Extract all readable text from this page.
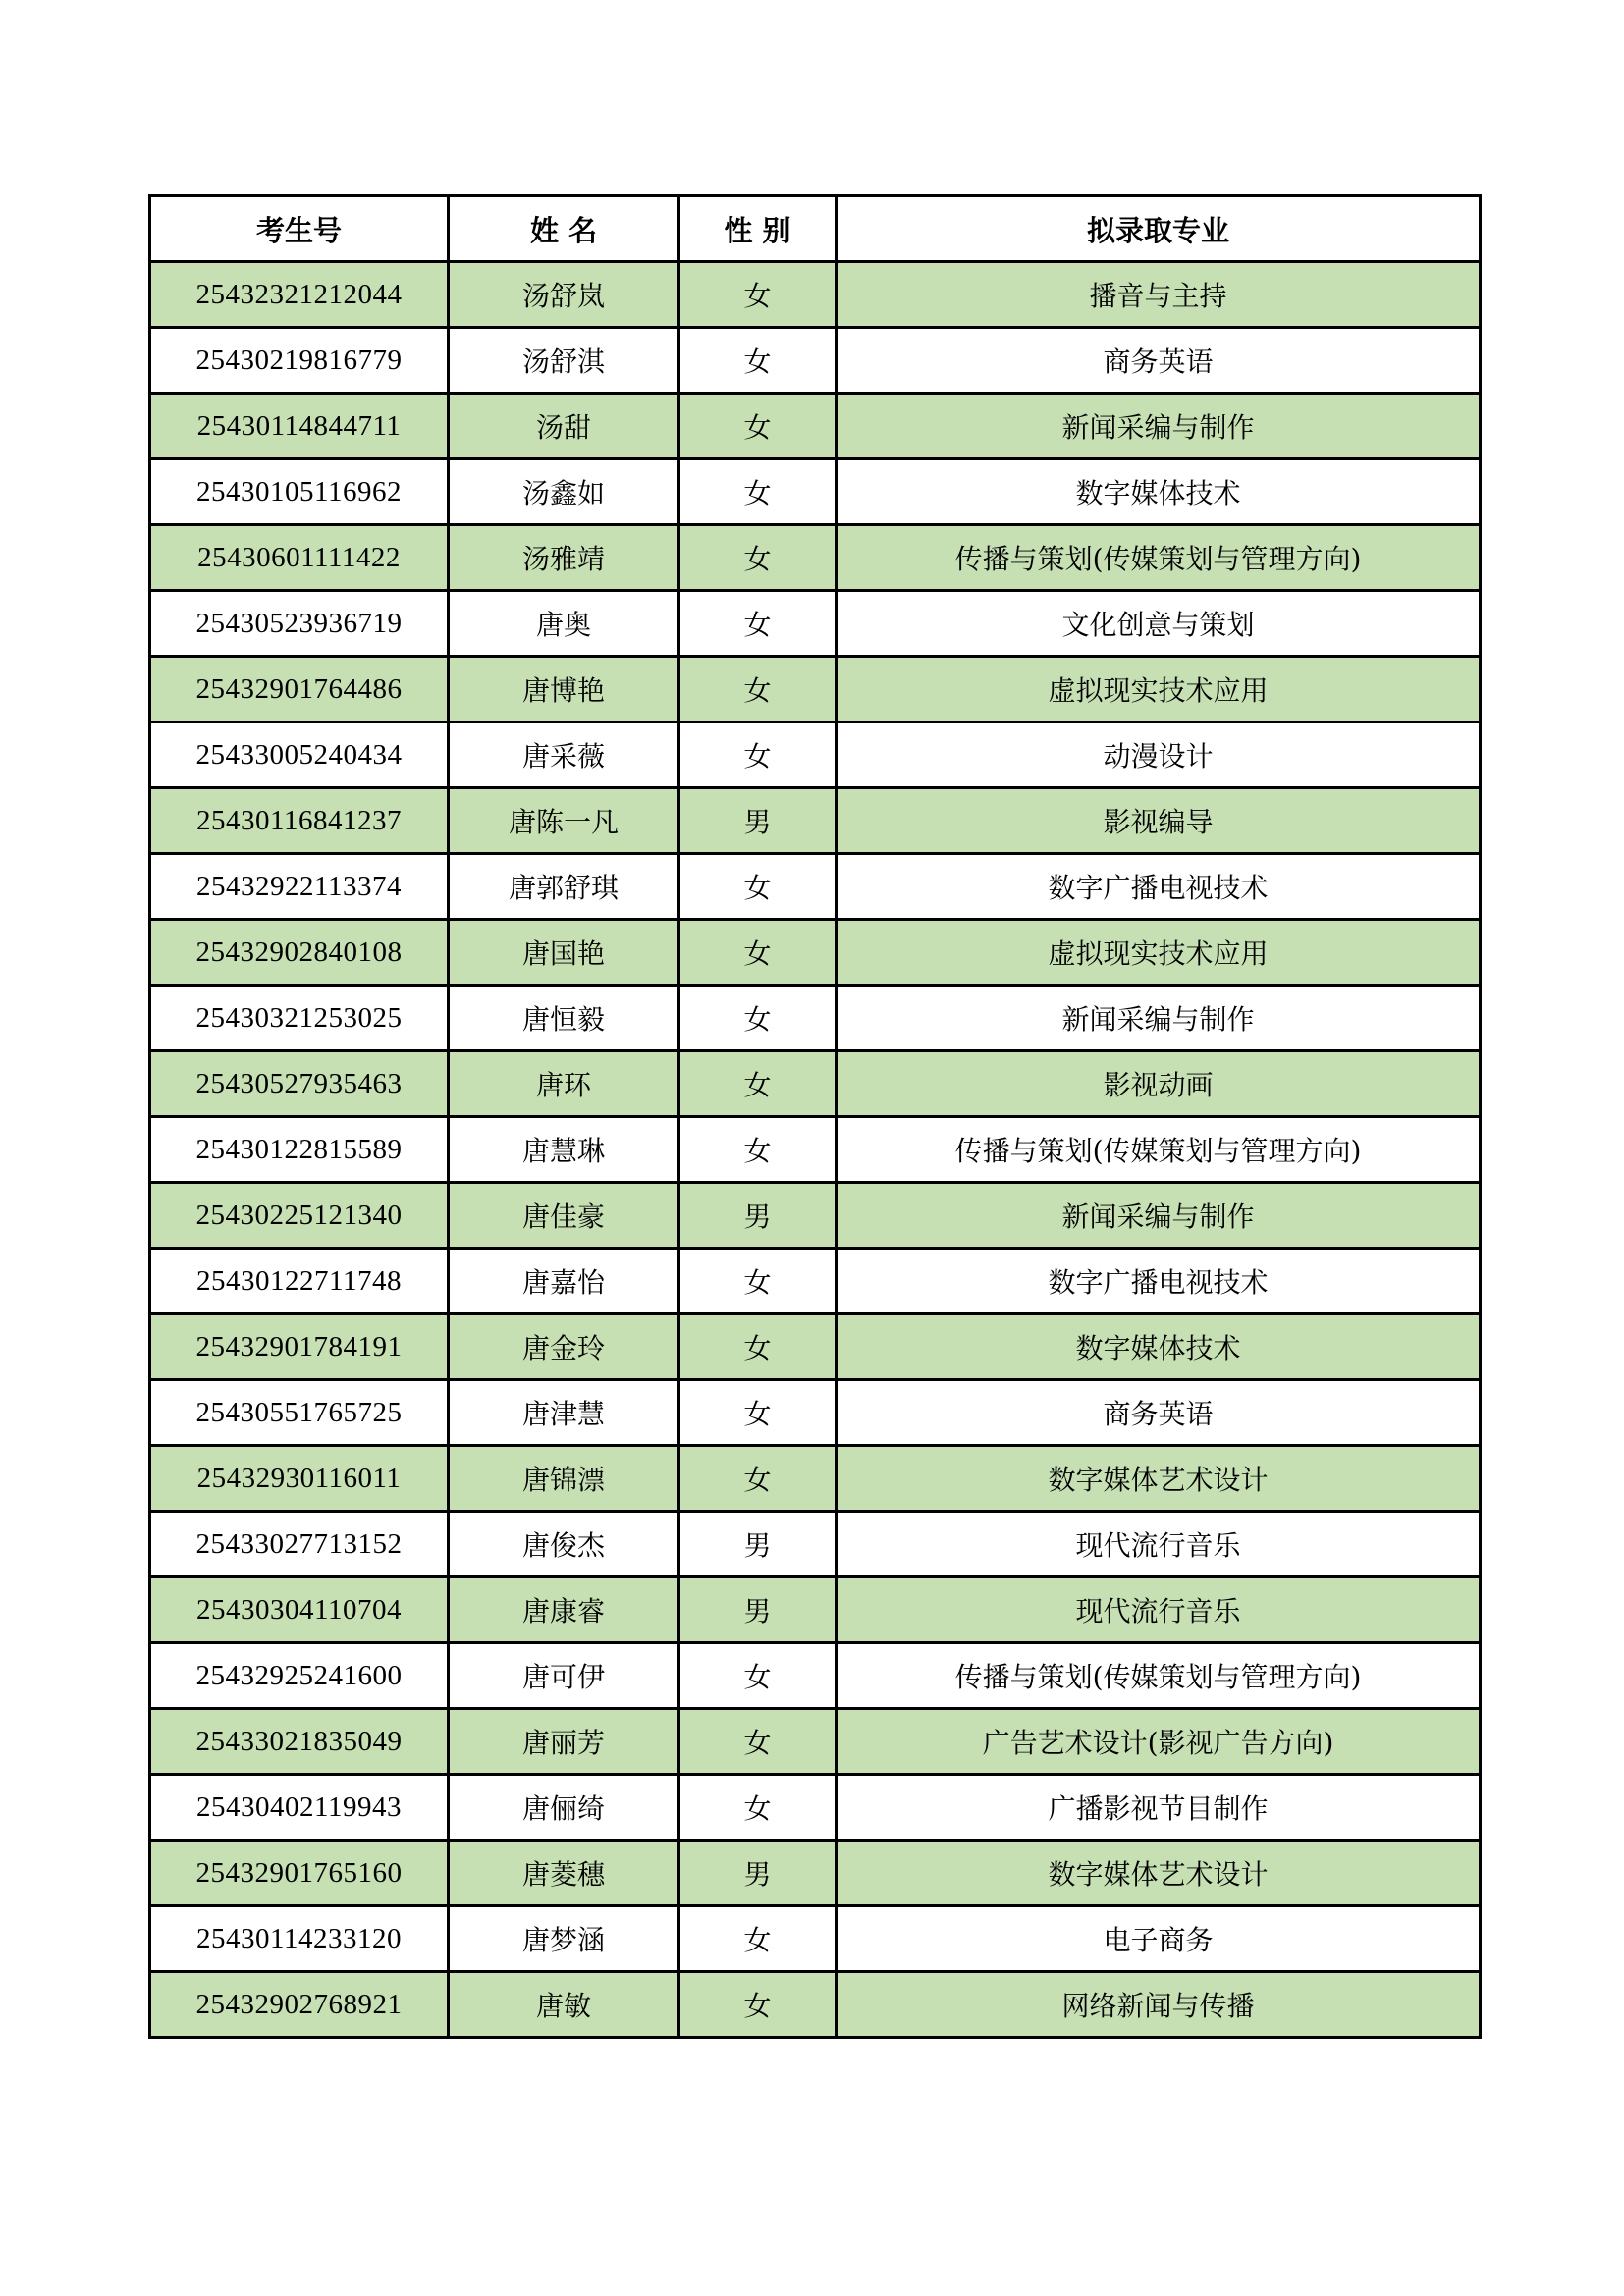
考生号	姓 名	性 别	拟录取专业
25432321212044	汤舒岚	女	播音与主持
25430219816779	汤舒淇	女	商务英语
25430114844711	汤甜	女	新闻采编与制作
25430105116962	汤鑫如	女	数字媒体技术
25430601111422	汤雅靖	女	传播与策划(传媒策划与管理方向)
25430523936719	唐奥	女	文化创意与策划
25432901764486	唐博艳	女	虚拟现实技术应用
25433005240434	唐采薇	女	动漫设计
25430116841237	唐陈一凡	男	影视编导
25432922113374	唐郭舒琪	女	数字广播电视技术
25432902840108	唐国艳	女	虚拟现实技术应用
25430321253025	唐恒毅	女	新闻采编与制作
25430527935463	唐环	女	影视动画
25430122815589	唐慧琳	女	传播与策划(传媒策划与管理方向)
25430225121340	唐佳豪	男	新闻采编与制作
25430122711748	唐嘉怡	女	数字广播电视技术
25432901784191	唐金玲	女	数字媒体技术
25430551765725	唐津慧	女	商务英语
25432930116011	唐锦漂	女	数字媒体艺术设计
25433027713152	唐俊杰	男	现代流行音乐
25430304110704	唐康睿	男	现代流行音乐
25432925241600	唐可伊	女	传播与策划(传媒策划与管理方向)
25433021835049	唐丽芳	女	广告艺术设计(影视广告方向)
25430402119943	唐俪绮	女	广播影视节目制作
25432901765160	唐菱穗	男	数字媒体艺术设计
25430114233120	唐梦涵	女	电子商务
25432902768921	唐敏	女	网络新闻与传播
